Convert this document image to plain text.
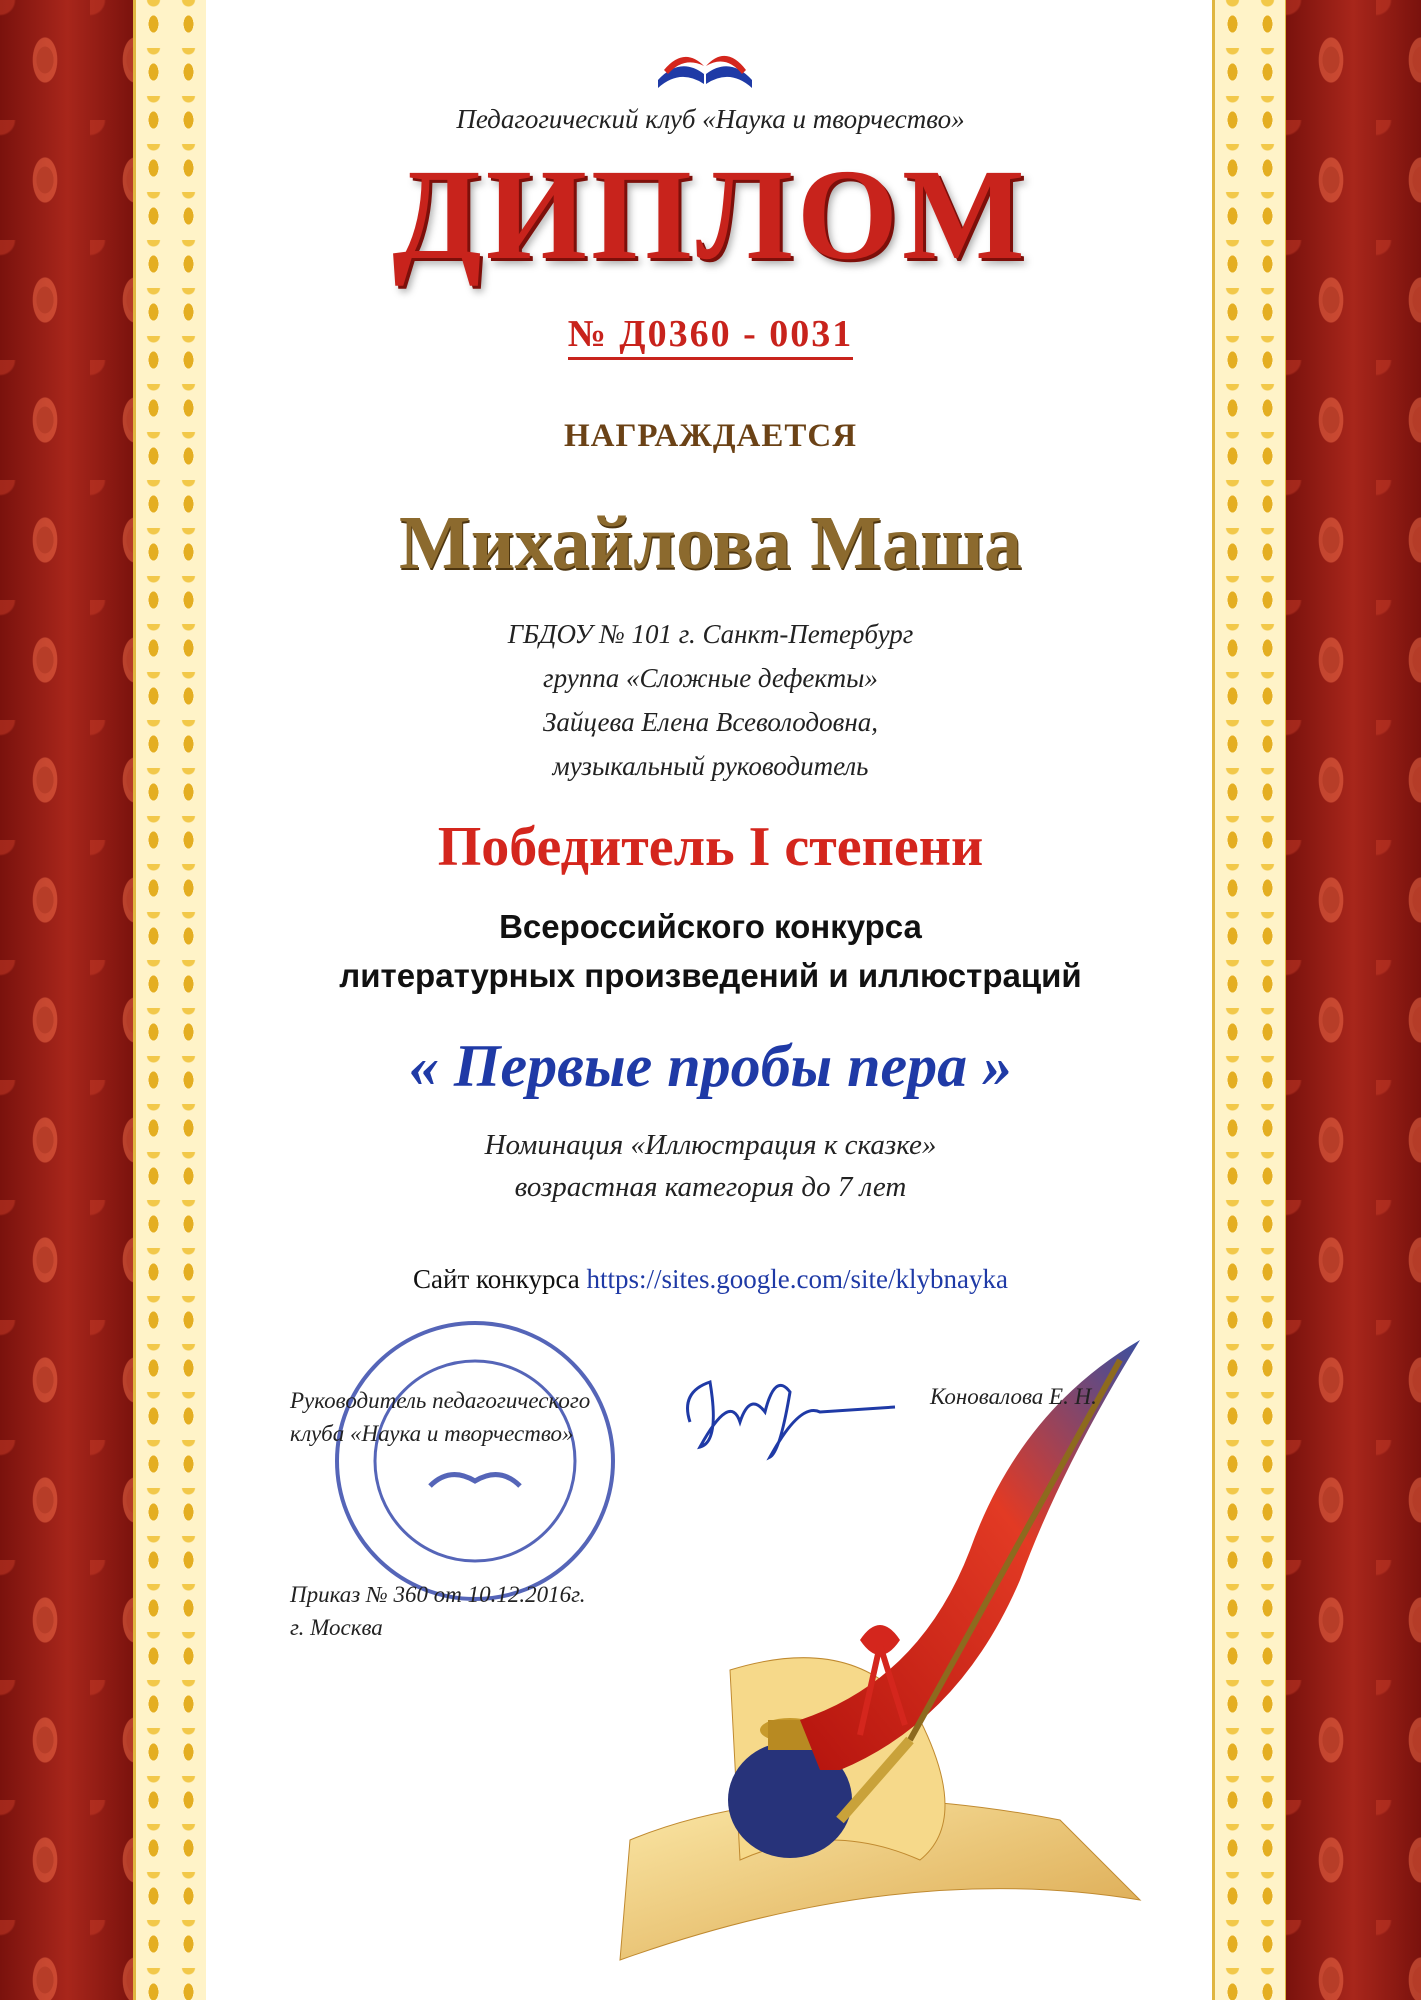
Педагогический клуб «Наука и творчество»
ДИПЛОМ
№ Д0360 - 0031
НАГРАЖДАЕТСЯ
Михайлова Маша
ГБДОУ № 101 г. Санкт-Петербург
группа «Сложные дефекты»
Зайцева Елена Всеволодовна,
музыкальный руководитель
Победитель I степени
Всероссийского конкурса
литературных произведений и иллюстраций
« Первые пробы пера »
Номинация «Иллюстрация к сказке»
возрастная категория до 7 лет
Сайт конкурса https://sites.google.com/site/klybnayka
Руководитель педагогического
клуба «Наука и творчество»
Коновалова Е. Н.
Приказ № 360 от 10.12.2016г.
г. Москва
